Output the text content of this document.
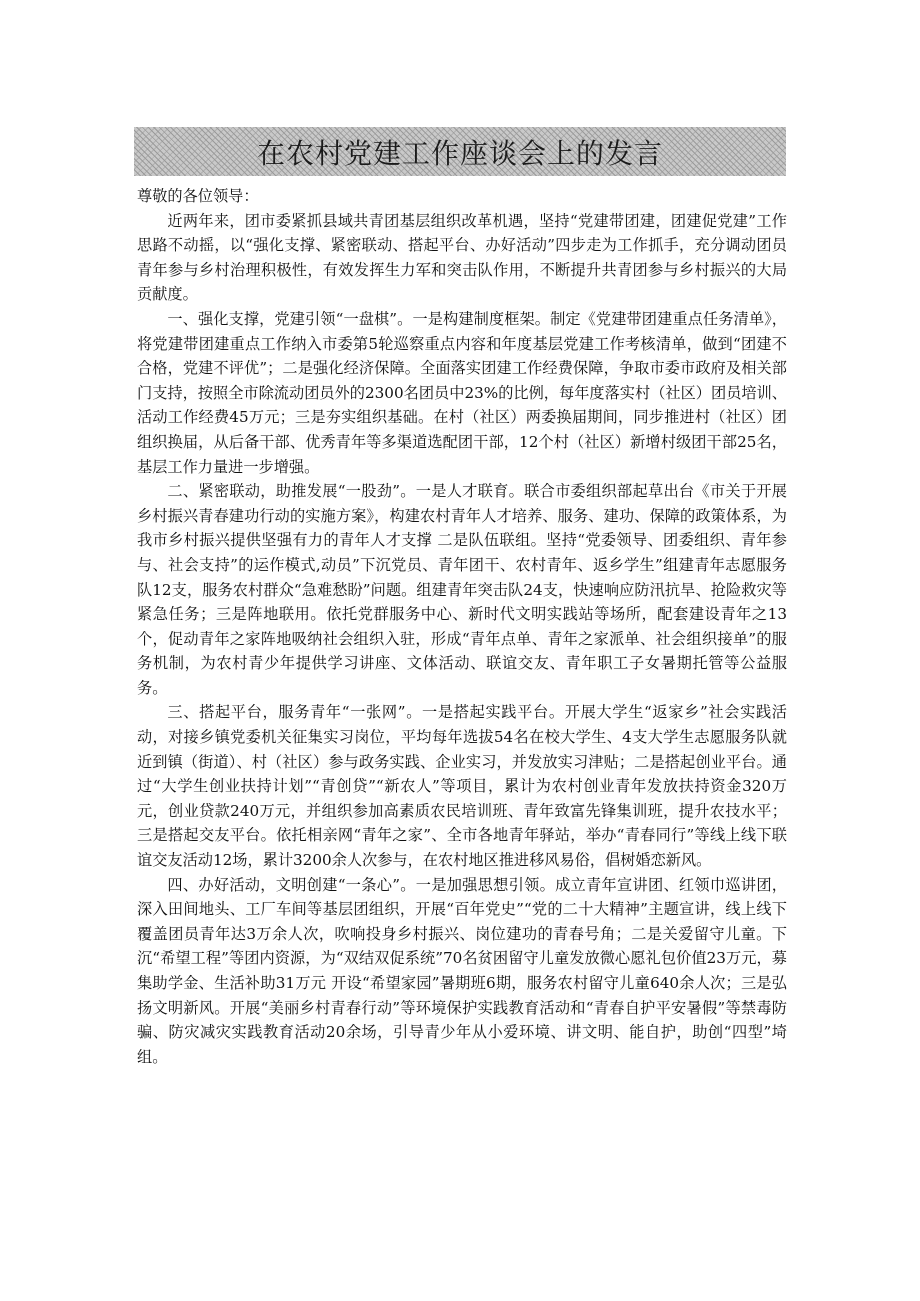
在农村党建工作座谈会上的发言

尊敬的各位领导：

近两年来，团市委紧抓县域共青团基层组织改革机遇，坚持“党建带团建，团建促党建”工作思路不动摇，以“强化支撑、紧密联动、搭起平台、办好活动”四步走为工作抓手，充分调动团员青年参与乡村治理积极性，有效发挥生力军和突击队作用，不断提升共青团参与乡村振兴的大局贡献度。

一、强化支撑，党建引领“一盘棋”。一是构建制度框架。制定《党建带团建重点任务清单》，将党建带团建重点工作纳入市委第5轮巡察重点内容和年度基层党建工作考核清单，做到“团建不合格，党建不评优”；二是强化经济保障。全面落实团建工作经费保障，争取市委市政府及相关部门支持，按照全市除流动团员外的2300名团员中23%的比例，每年度落实村（社区）团员培训、活动工作经费45万元；三是夯实组织基础。在村（社区）两委换届期间，同步推进村（社区）团组织换届，从后备干部、优秀青年等多渠道选配团干部，12个村（社区）新增村级团干部25名，基层工作力量进一步增强。

二、紧密联动，助推发展“一股劲”。一是人才联育。联合市委组织部起草出台《市关于开展乡村振兴青春建功行动的实施方案》，构建农村青年人才培养、服务、建功、保障的政策体系，为我市乡村振兴提供坚强有力的青年人才支撑 二是队伍联组。坚持“党委领导、团委组织、青年参与、社会支持”的运作模式,动员”下沉党员、青年团干、农村青年、返乡学生”组建青年志愿服务队12支，服务农村群众“急难愁盼”问题。组建青年突击队24支，快速响应防汛抗旱、抢险救灾等紧急任务；三是阵地联用。依托党群服务中心、新时代文明实践站等场所，配套建设青年之13个，促动青年之家阵地吸纳社会组织入驻，形成“青年点单、青年之家派单、社会组织接单”的服务机制，为农村青少年提供学习讲座、文体活动、联谊交友、青年职工子女暑期托管等公益服务。

三、搭起平台，服务青年“一张网”。一是搭起实践平台。开展大学生“返家乡”社会实践活动，对接乡镇党委机关征集实习岗位，平均每年选拔54名在校大学生、4支大学生志愿服务队就近到镇（街道）、村（社区）参与政务实践、企业实习，并发放实习津贴；二是搭起创业平台。通过“大学生创业扶持计划”“青创贷”“新农人”等项目，累计为农村创业青年发放扶持资金320万元，创业贷款240万元，并组织参加高素质农民培训班、青年致富先锋集训班，提升农技水平；三是搭起交友平台。依托相亲网“青年之家”、全市各地青年驿站，举办“青春同行”等线上线下联谊交友活动12场，累计3200余人次参与，在农村地区推进移风易俗，倡树婚恋新风。

四、办好活动，文明创建“一条心”。一是加强思想引领。成立青年宣讲团、红领巾巡讲团，深入田间地头、工厂车间等基层团组织，开展“百年党史”“党的二十大精神”主题宣讲，线上线下覆盖团员青年达3万余人次，吹响投身乡村振兴、岗位建功的青春号角；二是关爱留守儿童。下沉“希望工程”等团内资源，为“双结双促系统”70名贫困留守儿童发放微心愿礼包价值23万元，募集助学金、生活补助31万元 开设“希望家园”暑期班6期，服务农村留守儿童640余人次；三是弘扬文明新风。开展“美丽乡村青春行动”等环境保护实践教育活动和“青春自护平安暑假”等禁毒防骗、防灾减灾实践教育活动20余场，引导青少年从小爱环境、讲文明、能自护，助创“四型”埼组。
